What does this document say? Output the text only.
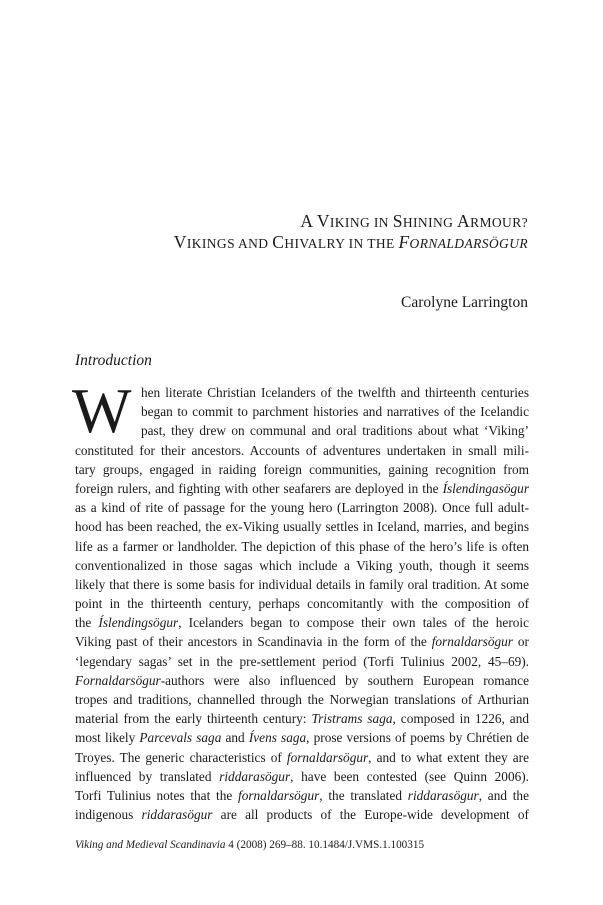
A VIKING IN SHINING ARMOUR?
VIKINGS AND CHIVALRY IN THE FORNALDARSÖGUR
Carolyne Larrington
Introduction
W hen literate Christian Icelanders of the twelfth and thirteenth centuries
began to commit to parchment histories and narratives of the Icelandic
past, they drew on communal and oral traditions about what ‘Viking’
constituted for their ancestors. Accounts of adventures undertaken in small mili-
tary groups, engaged in raiding foreign communities, gaining recognition from
foreign rulers, and fighting with other seafarers are deployed in the Íslendingasögur
as a kind of rite of passage for the young hero (Larrington 2008). Once full adult-
hood has been reached, the ex-Viking usually settles in Iceland, marries, and begins
life as a farmer or landholder. The depiction of this phase of the hero’s life is often
conventionalized in those sagas which include a Viking youth, though it seems
likely that there is some basis for individual details in family oral tradition. At some
point in the thirteenth century, perhaps concomitantly with the composition of
the Íslendingsögur, Icelanders began to compose their own tales of the heroic
Viking past of their ancestors in Scandinavia in the form of the fornaldarsögur or
‘legendary sagas’ set in the pre-settlement period (Torfi Tulinius 2002, 45–69).
Fornaldarsögur-authors were also influenced by southern European romance
tropes and traditions, channelled through the Norwegian translations of Arthurian
material from the early thirteenth century: Tristrams saga, composed in 1226, and
most likely Parcevals saga and Ívens saga, prose versions of poems by Chrétien de
Troyes. The generic characteristics of fornaldarsögur, and to what extent they are
influenced by translated riddarasögur, have been contested (see Quinn 2006).
Torfi Tulinius notes that the fornaldarsögur, the translated riddarasögur, and the
indigenous riddarasögur are all products of the Europe-wide development of
Viking and Medieval Scandinavia 4 (2008) 269–88. 10.1484/J.VMS.1.100315
